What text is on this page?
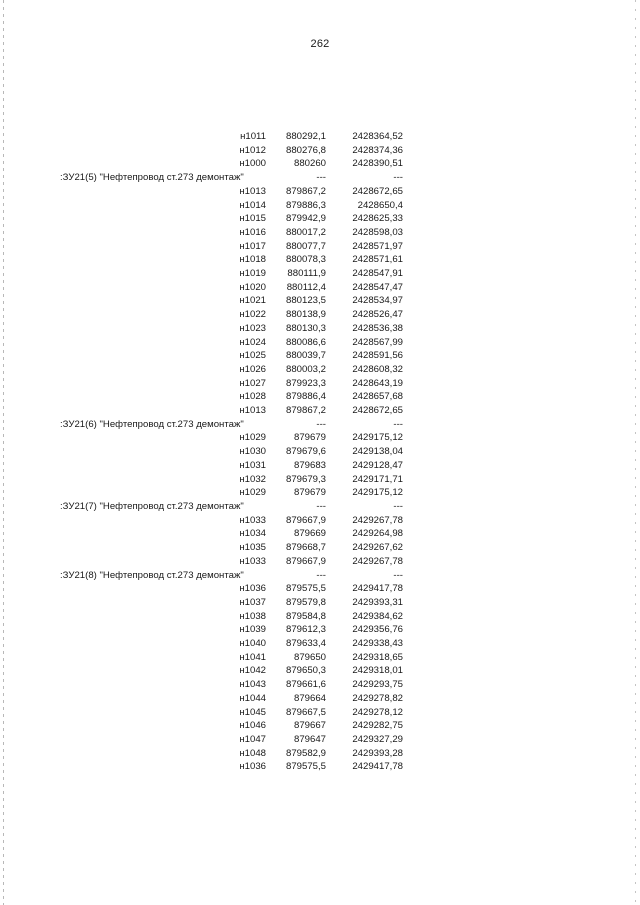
262
н1011	880292,1	2428364,52
н1012	880276,8	2428374,36
н1000	880260	2428390,51
:ЗУ21(5) "Нефтепровод ст.273 демонтаж"	---	---
н1013	879867,2	2428672,65
н1014	879886,3	2428650,4
н1015	879942,9	2428625,33
н1016	880017,2	2428598,03
н1017	880077,7	2428571,97
н1018	880078,3	2428571,61
н1019	880111,9	2428547,91
н1020	880112,4	2428547,47
н1021	880123,5	2428534,97
н1022	880138,9	2428526,47
н1023	880130,3	2428536,38
н1024	880086,6	2428567,99
н1025	880039,7	2428591,56
н1026	880003,2	2428608,32
н1027	879923,3	2428643,19
н1028	879886,4	2428657,68
н1013	879867,2	2428672,65
:ЗУ21(6) "Нефтепровод ст.273 демонтаж"	---	---
н1029	879679	2429175,12
н1030	879679,6	2429138,04
н1031	879683	2429128,47
н1032	879679,3	2429171,71
н1029	879679	2429175,12
:ЗУ21(7) "Нефтепровод ст.273 демонтаж"	---	---
н1033	879667,9	2429267,78
н1034	879669	2429264,98
н1035	879668,7	2429267,62
н1033	879667,9	2429267,78
:ЗУ21(8) "Нефтепровод ст.273 демонтаж"	---	---
н1036	879575,5	2429417,78
н1037	879579,8	2429393,31
н1038	879584,8	2429384,62
н1039	879612,3	2429356,76
н1040	879633,4	2429338,43
н1041	879650	2429318,65
н1042	879650,3	2429318,01
н1043	879661,6	2429293,75
н1044	879664	2429278,82
н1045	879667,5	2429278,12
н1046	879667	2429282,75
н1047	879647	2429327,29
н1048	879582,9	2429393,28
н1036	879575,5	2429417,78
